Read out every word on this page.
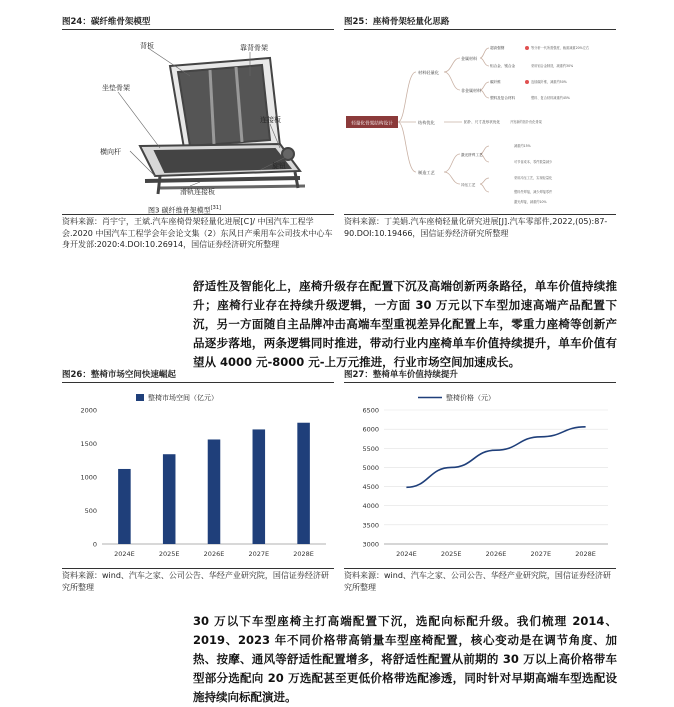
图24：碳纤维骨架模型
背板	靠背骨架
坐垫骨架
连接板
横向杆
旋钮
滑轨连接板
图3 碳纤维骨架模型[31]
资料来源：肖宇宁，王斌.汽车座椅骨架轻量化进展[C]/ 中国汽车工程学会.2020 中国汽车工程学会年会论文集（2）东风日产乘用车公司技术中心车身开发部:2020:4.DOI:10.26914，国信证券经济研究所整理
图25：座椅骨架轻量化思路
轻量化骨架结构设计
材料轻量化
结构优化
制造工艺
金属材料
非金属材料
超高强钢
铝合金、镁合金
碳纤维
塑料及复合材料
拓扑、尺寸及形状优化
激光拼焊工艺
冲压工艺
等分析一代所需强度，截面减重20%左右
采用铝合金制造，减重约30%
连续碳纤维，减重约50%
塑料、复合材料减重约45%
开发新的拓扑优化骨架
减重约15%
可节省成本，零件数量减少
采用冲压工艺，实现轻量化
塑料件焊接，减少焊接零件
激光焊接，减重约10%
资料来源：丁美娟.汽车座椅轻量化研究进展[J].汽车零部件,2022,(05):87-90.DOI:10.19466，国信证券经济研究所整理
舒适性及智能化上，座椅升级存在配置下沉及高端创新两条路径，单车价值持续推升；座椅行业存在持续升级逻辑，一方面 30 万元以下车型加速高端产品配置下沉，另一方面随自主品牌冲击高端车型重视差异化配置上车，零重力座椅等创新产品逐步落地，两条逻辑同时推进，带动行业内座椅单车价值持续提升，单车价值有望从 4000 元-8000 元-上万元推进，行业市场空间加速成长。
图26：整椅市场空间快速崛起
0
500
1000
1500
2000
2024E	2025E	2026E	2027E	2028E
整椅市场空间（亿元）
资料来源：wind、汽车之家、公司公告、华经产业研究院，国信证券经济研究所整理
图27：整椅单车价值持续提升
3000
3500
4000
4500
5000
5500
6000
6500
2024E	2025E	2026E	2027E	2028E
整椅价格（元）
资料来源：wind、汽车之家、公司公告、华经产业研究院，国信证券经济研究所整理
30 万以下车型座椅主打高端配置下沉，选配向标配升级。我们梳理 2014、2019、2023 年不同价格带高销量车型座椅配置，核心变动是在调节角度、加热、按摩、通风等舒适性配置增多，将舒适性配置从前期的 30 万以上高价格带车型部分选配向 20 万选配甚至更低价格带选配渗透，同时针对早期高端车型选配设施持续向标配演进。
